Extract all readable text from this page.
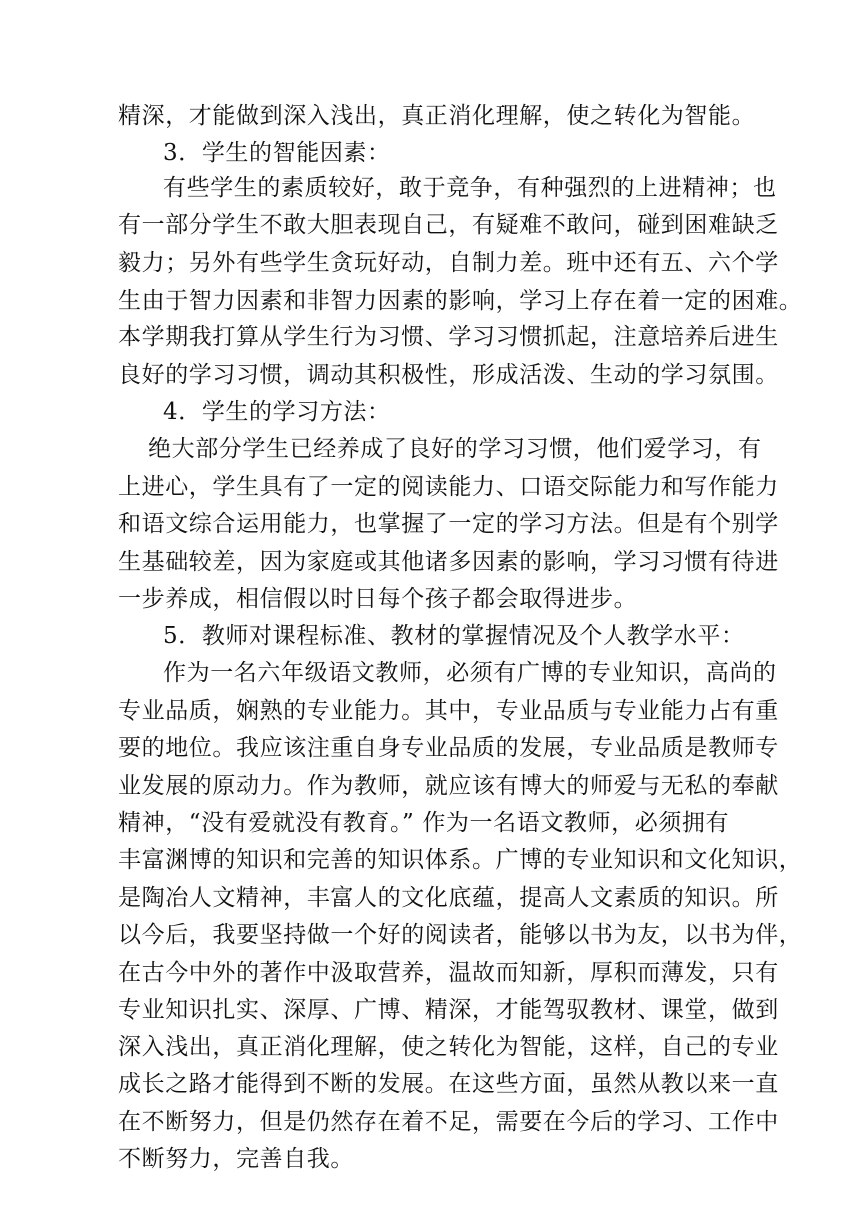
精深，才能做到深入浅出，真正消化理解，使之转化为智能。
3．学生的智能因素：
有些学生的素质较好，敢于竞争，有种强烈的上进精神；也
有一部分学生不敢大胆表现自己，有疑难不敢问，碰到困难缺乏
毅力；另外有些学生贪玩好动，自制力差。班中还有五、六个学
生由于智力因素和非智力因素的影响，学习上存在着一定的困难。
本学期我打算从学生行为习惯、学习习惯抓起，注意培养后进生
良好的学习习惯，调动其积极性，形成活泼、生动的学习氛围。
4．学生的学习方法：
绝大部分学生已经养成了良好的学习习惯，他们爱学习，有
上进心，学生具有了一定的阅读能力、口语交际能力和写作能力
和语文综合运用能力，也掌握了一定的学习方法。但是有个别学
生基础较差，因为家庭或其他诸多因素的影响，学习习惯有待进
一步养成，相信假以时日每个孩子都会取得进步。
5．教师对课程标准、教材的掌握情况及个人教学水平：
作为一名六年级语文教师，必须有广博的专业知识，高尚的
专业品质，娴熟的专业能力。其中，专业品质与专业能力占有重
要的地位。我应该注重自身专业品质的发展，专业品质是教师专
业发展的原动力。作为教师，就应该有博大的师爱与无私的奉献
精神，“没有爱就没有教育。” 作为一名语文教师，必须拥有
丰富渊博的知识和完善的知识体系。广博的专业知识和文化知识，
是陶冶人文精神，丰富人的文化底蕴，提高人文素质的知识。所
以今后，我要坚持做一个好的阅读者，能够以书为友，以书为伴，
在古今中外的著作中汲取营养，温故而知新，厚积而薄发，只有
专业知识扎实、深厚、广博、精深，才能驾驭教材、课堂，做到
深入浅出，真正消化理解，使之转化为智能，这样，自己的专业
成长之路才能得到不断的发展。在这些方面，虽然从教以来一直
在不断努力，但是仍然存在着不足，需要在今后的学习、工作中
不断努力，完善自我。
